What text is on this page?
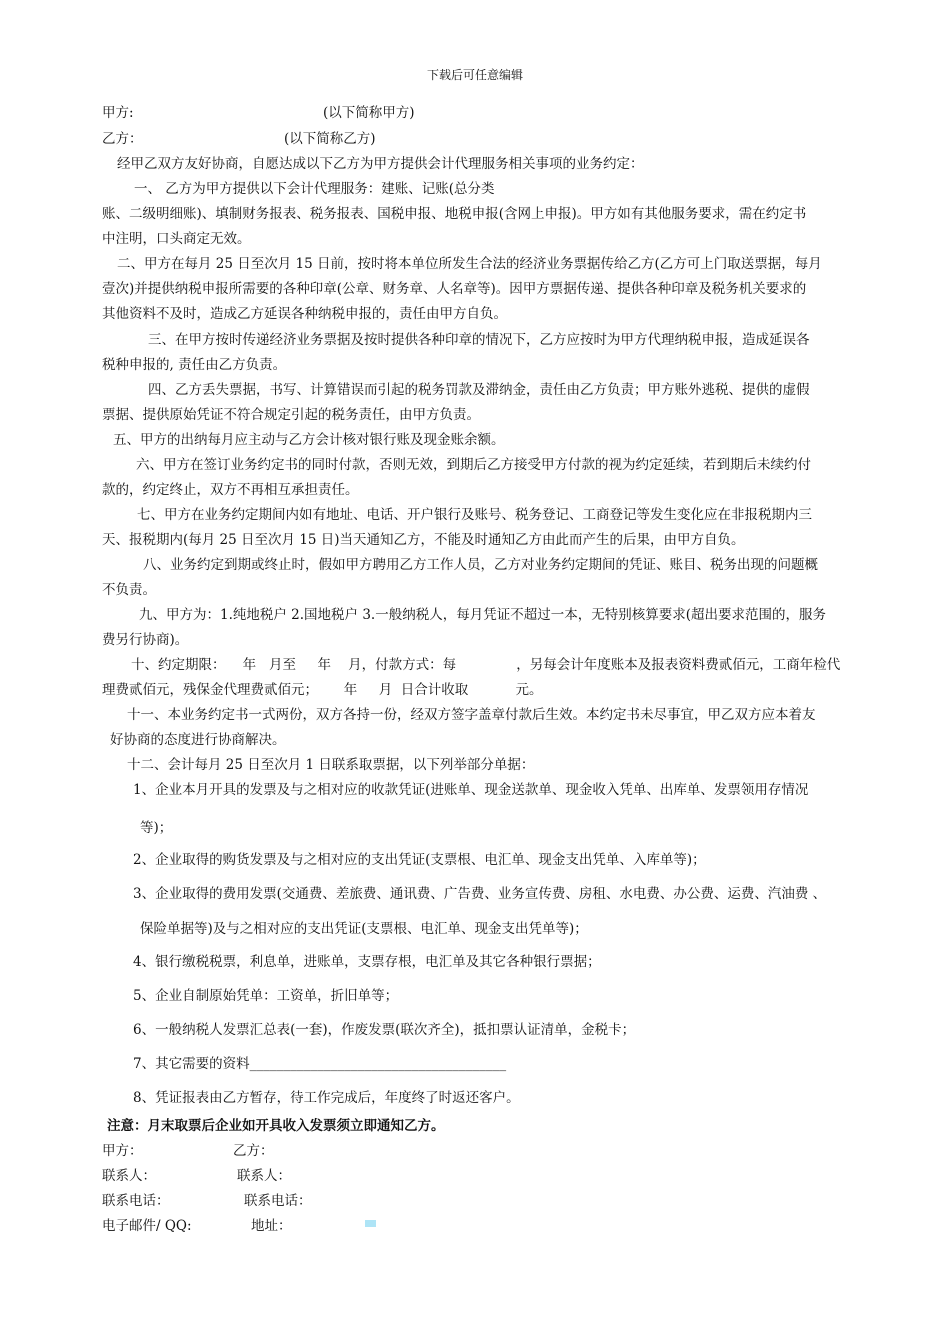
下载后可任意编辑
甲方:	(以下简称甲方)
乙方：	(以下简称乙方)
经甲乙双方友好协商，自愿达成以下乙方为甲方提供会计代理服务相关事项的业务约定：
一、 乙方为甲方提供以下会计代理服务：建账、记账(总分类
账、二级明细账)、填制财务报表、税务报表、国税申报、地税申报(含网上申报)。甲方如有其他服务要求，需在约定书
中注明，口头商定无效。
二、甲方在每月 25 日至次月 15 日前，按时将本单位所发生合法的经济业务票据传给乙方(乙方可上门取送票据，每月
壹次)并提供纳税申报所需要的各种印章(公章、财务章、人名章等)。因甲方票据传递、提供各种印章及税务机关要求的
其他资料不及时，造成乙方延误各种纳税申报的，责任由甲方自负。
三、在甲方按时传递经济业务票据及按时提供各种印章的情况下，乙方应按时为甲方代理纳税申报，造成延误各
税种申报的, 责任由乙方负责。
四、乙方丢失票据，书写、计算错误而引起的税务罚款及滞纳金，责任由乙方负责；甲方账外逃税、提供的虚假
票据、提供原始凭证不符合规定引起的税务责任，由甲方负责。
五、甲方的出纳每月应主动与乙方会计核对银行账及现金账余额。
六、甲方在签订业务约定书的同时付款，否则无效，到期后乙方接受甲方付款的视为约定延续，若到期后未续约付
款的，约定终止，双方不再相互承担责任。
七、甲方在业务约定期间内如有地址、电话、开户银行及账号、税务登记、工商登记等发生变化应在非报税期内三
天、报税期内(每月 25 日至次月 15 日)当天通知乙方，不能及时通知乙方由此而产生的后果，由甲方自负。
八、业务约定到期或终止时，假如甲方聘用乙方工作人员，乙方对业务约定期间的凭证、账目、税务出现的问题概
不负责。
九、甲方为：1.纯地税户 2.国地税户 3.一般纳税人，每月凭证不超过一本，无特别核算要求(超出要求范围的，服务
费另行协商)。
十、约定期限：    年   月至     年    月，付款方式：每              ，另每会计年度账本及报表资料费贰佰元，工商年检代
理费贰佰元，残保金代理费贰佰元；      年     月  日合计收取           元。
十一、本业务约定书一式两份，双方各持一份，经双方签字盖章付款后生效。本约定书未尽事宜，甲乙双方应本着友
好协商的态度进行协商解决。
十二、会计每月 25 日至次月 1 日联系取票据，以下列举部分单据：
1、企业本月开具的发票及与之相对应的收款凭证(进账单、现金送款单、现金收入凭单、出库单、发票领用存情况
等)；
2、企业取得的购货发票及与之相对应的支出凭证(支票根、电汇单、现金支出凭单、入库单等)；
3、企业取得的费用发票(交通费、差旅费、通讯费、广告费、业务宣传费、房租、水电费、办公费、运费、汽油费 、
保险单据等)及与之相对应的支出凭证(支票根、电汇单、现金支出凭单等)；
4、银行缴税税票，利息单，进账单，支票存根，电汇单及其它各种银行票据；
5、企业自制原始凭单：工资单，折旧单等；
6、一般纳税人发票汇总表(一套)，作废发票(联次齐全)，抵扣票认证清单，金税卡；
7、其它需要的资料______________________________________
8、凭证报表由乙方暂存，待工作完成后，年度终了时返还客户。
注意：月末取票后企业如开具收入发票须立即通知乙方。
甲方：	乙方：
联系人：	联系人：
联系电话：	联系电话：
电子邮件/ QQ:	地址：
